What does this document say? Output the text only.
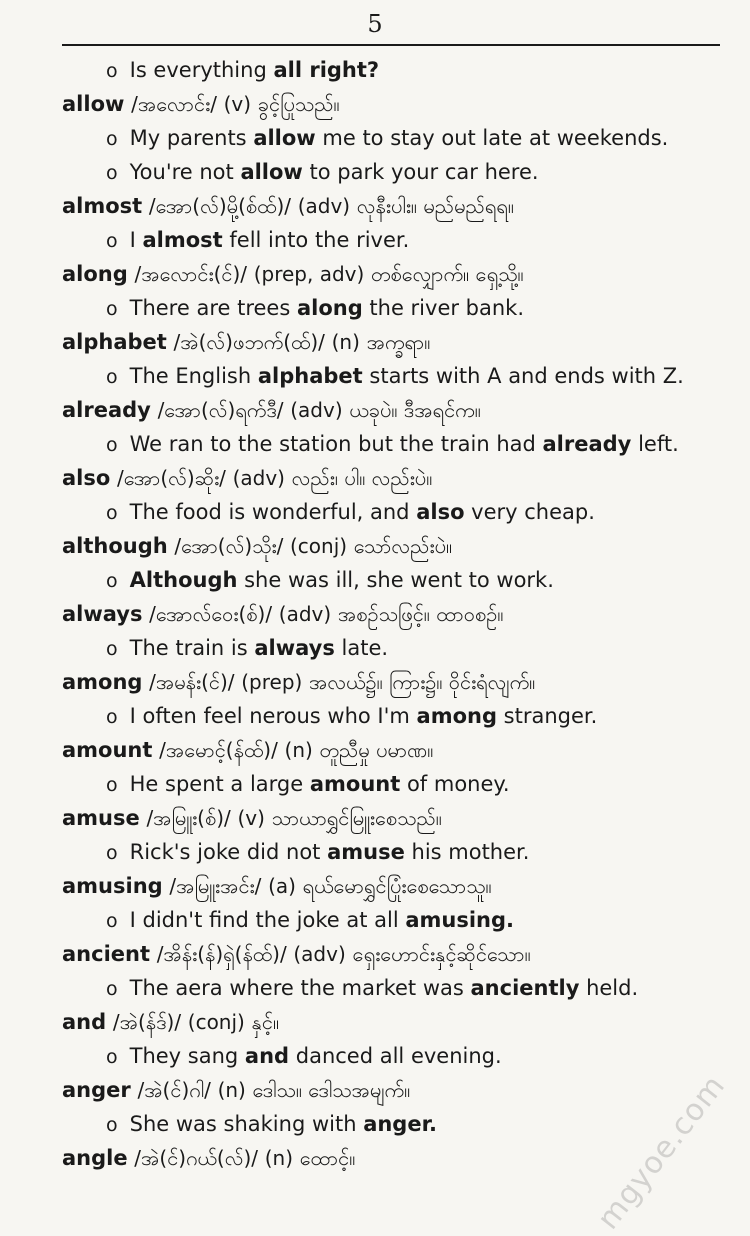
5
o Is everything all right?
allow /အလောင်း/ (v) ခွင့်ပြုသည်။
o My parents allow me to stay out late at weekends.
o You're not allow to park your car here.
almost /အော(လ်)မို့(စ်ထ်)/ (adv) လုနီးပါး။ မည်မည်ရရ။
o I almost fell into the river.
along /အလောင်း(င်)/ (prep, adv) တစ်လျှောက်။ ရှေ့သို့။
o There are trees along the river bank.
alphabet /အဲ(လ်)ဖဘက်(ထ်)/ (n) အက္ခရာ။
o The English alphabet starts with A and ends with Z.
already /အော(လ်)ရက်ဒီ/ (adv) ယခုပဲ။ ဒီအရင်က။
o We ran to the station but the train had already left.
also /အော(လ်)ဆိုး/ (adv) လည်း၊ ပါ။ လည်းပဲ။
o The food is wonderful, and also very cheap.
although /အော(လ်)သိုး/ (conj) သော်လည်းပဲ။
o Although she was ill, she went to work.
always /အောလ်ဝေး(စ်)/ (adv) အစဉ်သဖြင့်။ ထာဝစဉ်။
o The train is always late.
among /အမန်း(င်)/ (prep) အလယ်၌။ ကြား၌။ ဝိုင်းရံလျက်။
o I often feel nerous who I'm among stranger.
amount /အမောင့်(န်ထ်)/ (n) တူညီမှု ပမာဏ။
o He spent a large amount of money.
amuse /အမြူး(စ်)/ (v) သာယာရွှင်မြူးစေသည်။
o Rick's joke did not amuse his mother.
amusing /အမြူးအင်း/ (a) ရယ်မောရွှင်ပြုံးစေသောသူ။
o I didn't find the joke at all amusing.
ancient /အိန်း(န်)ရှဲ(န်ထ်)/ (adv) ရှေးဟောင်းနှင့်ဆိုင်သော။
o The aera where the market was anciently held.
and /အဲ(န်ဒ်)/ (conj) နှင့်။
o They sang and danced all evening.
anger /အဲ(င်)ဂါ/ (n) ဒေါသ။ ဒေါသအမျက်။
o She was shaking with anger.
angle /အဲ(င်)ဂယ်(လ်)/ (n) ထောင့်။	mgyoe.com
